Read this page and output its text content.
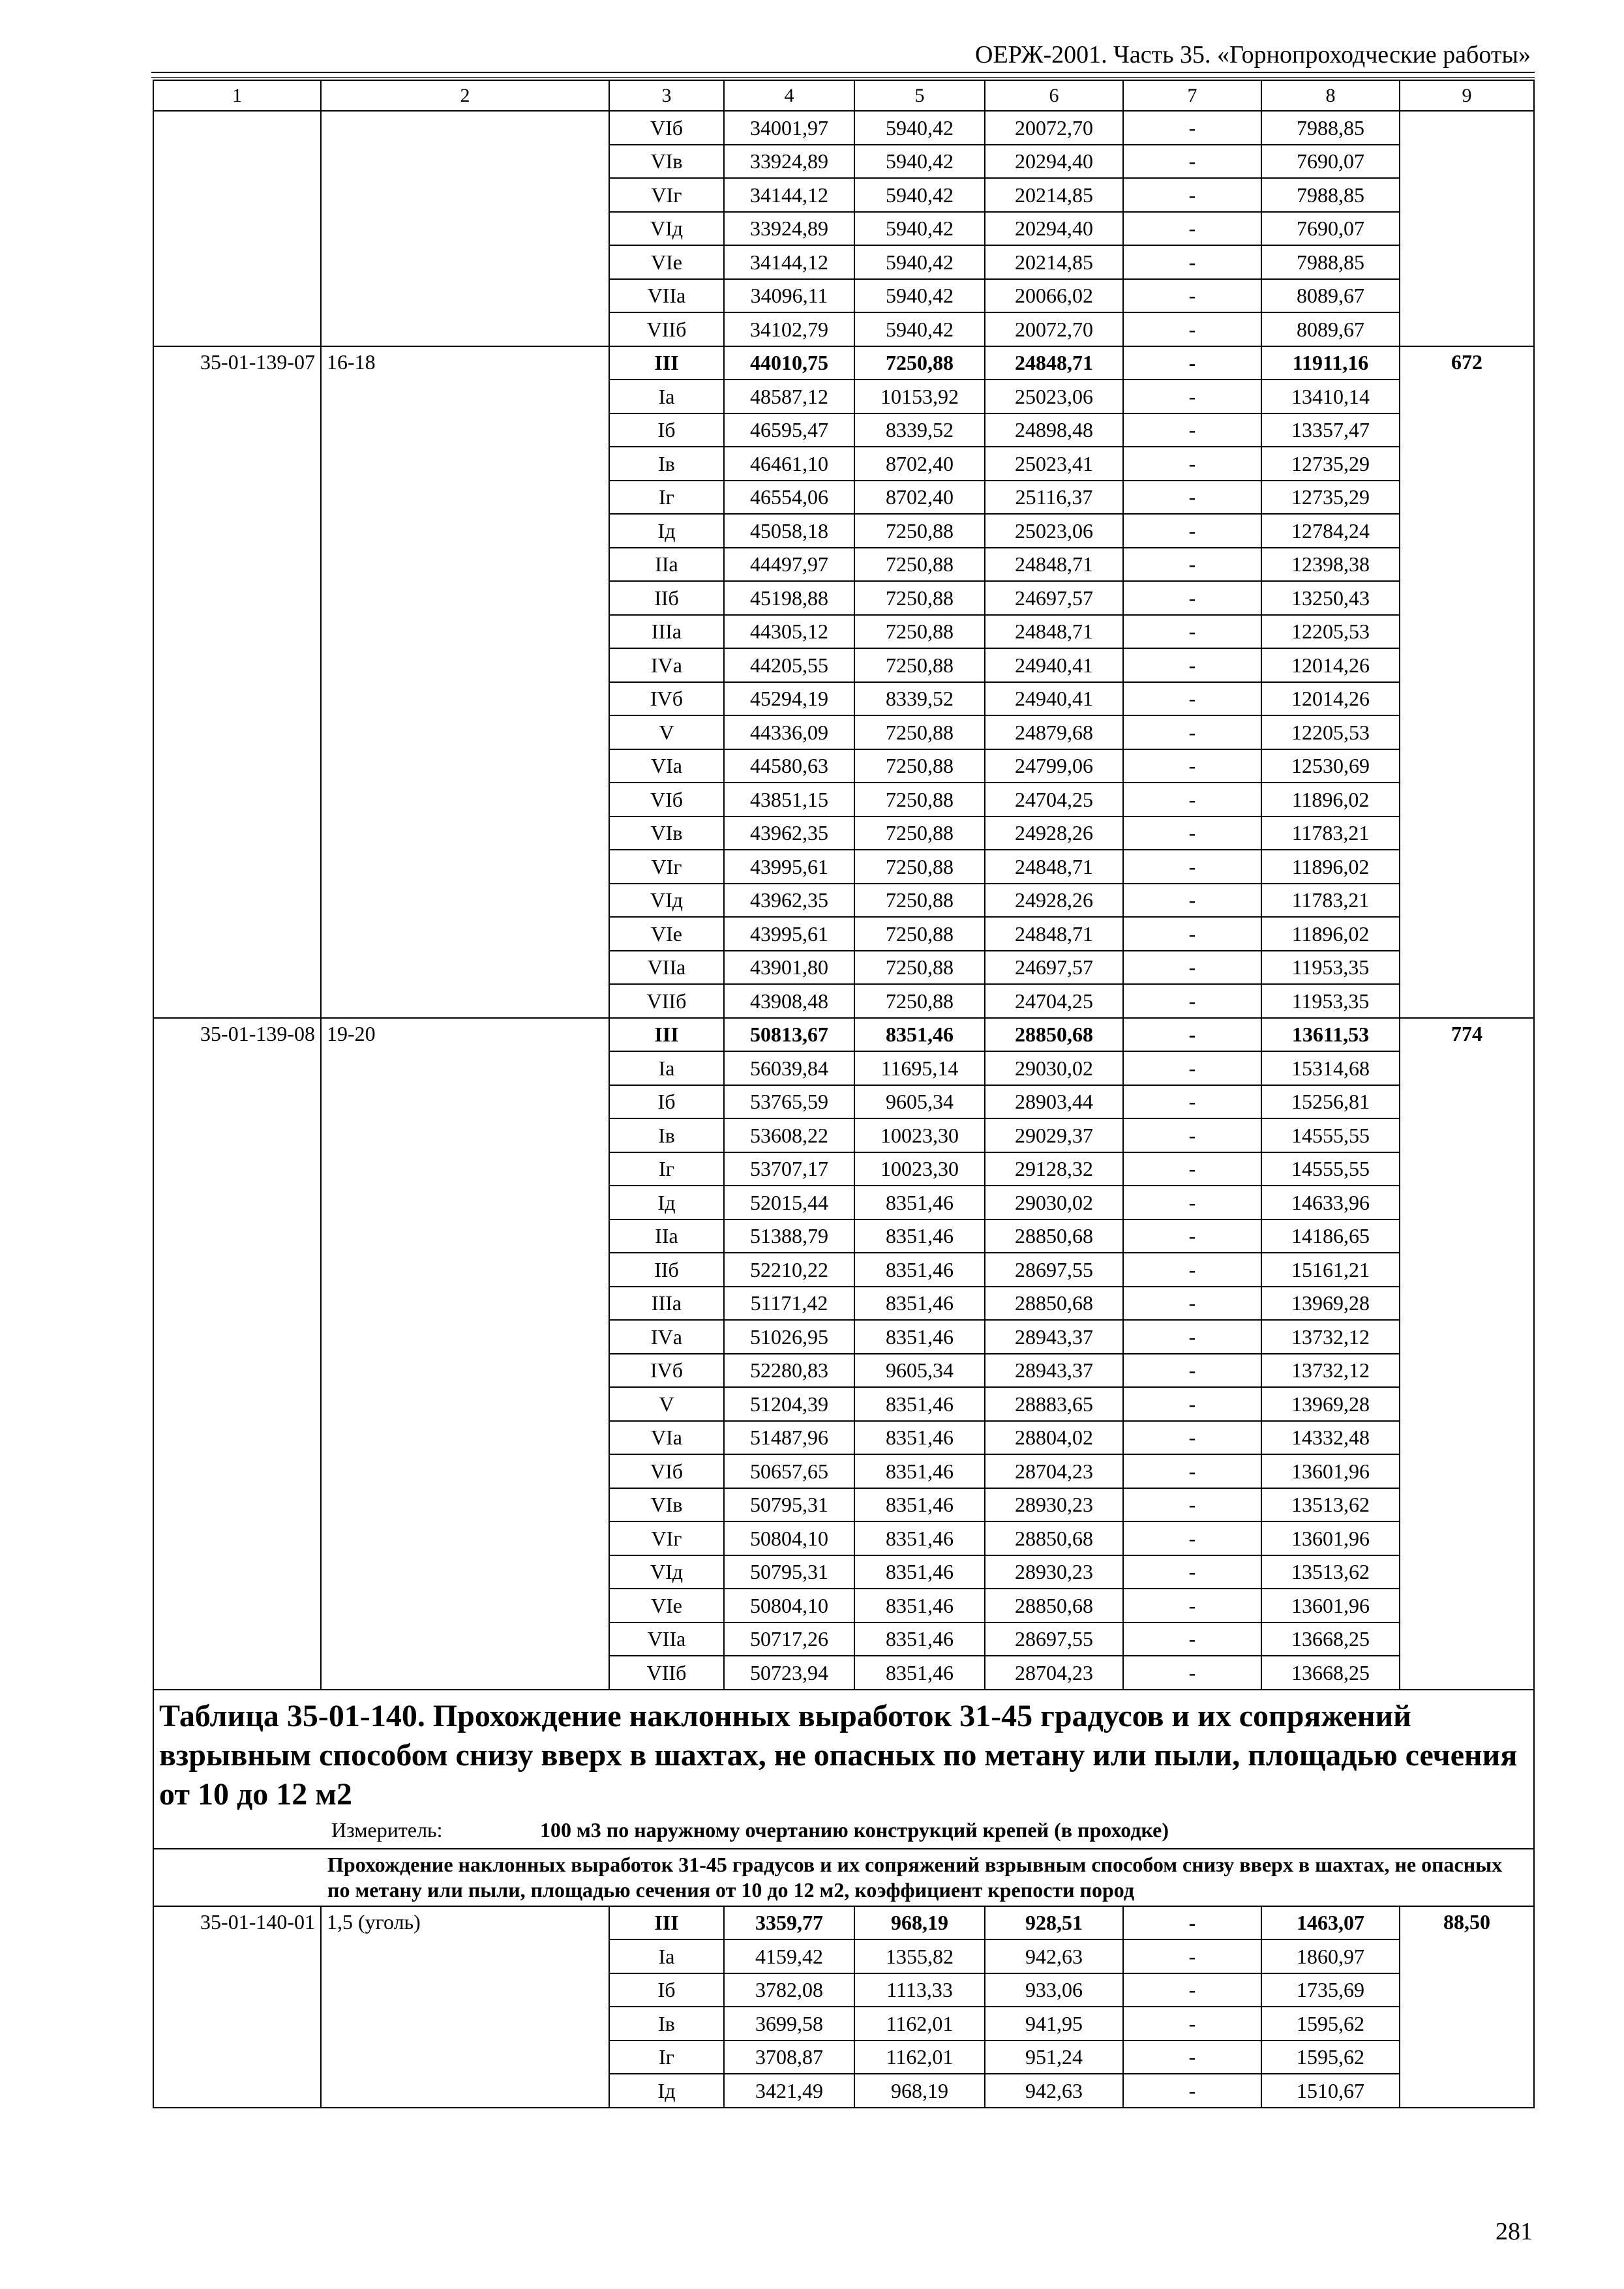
ОЕРЖ-2001. Часть 35. «Горнопроходческие работы»
1	2	3	4	5	6	7	8	9
		VIб	34001,97	5940,42	20072,70	-	7988,85	
		VIв	33924,89	5940,42	20294,40	-	7690,07	
		VIг	34144,12	5940,42	20214,85	-	7988,85	
		VIд	33924,89	5940,42	20294,40	-	7690,07	
		VIе	34144,12	5940,42	20214,85	-	7988,85	
		VIIа	34096,11	5940,42	20066,02	-	8089,67	
		VIIб	34102,79	5940,42	20072,70	-	8089,67	
35-01-139-07	16-18	III	44010,75	7250,88	24848,71	-	11911,16	672
		Iа	48587,12	10153,92	25023,06	-	13410,14	
		Iб	46595,47	8339,52	24898,48	-	13357,47	
		Iв	46461,10	8702,40	25023,41	-	12735,29	
		Iг	46554,06	8702,40	25116,37	-	12735,29	
		Iд	45058,18	7250,88	25023,06	-	12784,24	
		IIа	44497,97	7250,88	24848,71	-	12398,38	
		IIб	45198,88	7250,88	24697,57	-	13250,43	
		IIIа	44305,12	7250,88	24848,71	-	12205,53	
		IVа	44205,55	7250,88	24940,41	-	12014,26	
		IVб	45294,19	8339,52	24940,41	-	12014,26	
		V	44336,09	7250,88	24879,68	-	12205,53	
		VIа	44580,63	7250,88	24799,06	-	12530,69	
		VIб	43851,15	7250,88	24704,25	-	11896,02	
		VIв	43962,35	7250,88	24928,26	-	11783,21	
		VIг	43995,61	7250,88	24848,71	-	11896,02	
		VIд	43962,35	7250,88	24928,26	-	11783,21	
		VIе	43995,61	7250,88	24848,71	-	11896,02	
		VIIа	43901,80	7250,88	24697,57	-	11953,35	
		VIIб	43908,48	7250,88	24704,25	-	11953,35	
35-01-139-08	19-20	III	50813,67	8351,46	28850,68	-	13611,53	774
		Iа	56039,84	11695,14	29030,02	-	15314,68	
		Iб	53765,59	9605,34	28903,44	-	15256,81	
		Iв	53608,22	10023,30	29029,37	-	14555,55	
		Iг	53707,17	10023,30	29128,32	-	14555,55	
		Iд	52015,44	8351,46	29030,02	-	14633,96	
		IIа	51388,79	8351,46	28850,68	-	14186,65	
		IIб	52210,22	8351,46	28697,55	-	15161,21	
		IIIа	51171,42	8351,46	28850,68	-	13969,28	
		IVа	51026,95	8351,46	28943,37	-	13732,12	
		IVб	52280,83	9605,34	28943,37	-	13732,12	
		V	51204,39	8351,46	28883,65	-	13969,28	
		VIа	51487,96	8351,46	28804,02	-	14332,48	
		VIб	50657,65	8351,46	28704,23	-	13601,96	
		VIв	50795,31	8351,46	28930,23	-	13513,62	
		VIг	50804,10	8351,46	28850,68	-	13601,96	
		VIд	50795,31	8351,46	28930,23	-	13513,62	
		VIе	50804,10	8351,46	28850,68	-	13601,96	
		VIIа	50717,26	8351,46	28697,55	-	13668,25	
		VIIб	50723,94	8351,46	28704,23	-	13668,25	

Таблица 35-01-140. Прохождение наклонных выработок 31-45 градусов и их сопряжений взрывным способом снизу вверх в шахтах, не опасных по метану или пыли, площадью сечения от 10 до 12 м2
Измеритель: 100 м3 по наружному очертанию конструкций крепей (в проходке)								

	Прохождение наклонных выработок 31-45 градусов и их сопряжений взрывным способом снизу вверх в шахтах, не опасных по метану или пыли, площадью сечения от 10 до 12 м2, коэффициент крепости пород							
35-01-140-01	1,5 (уголь)	III	3359,77	968,19	928,51	-	1463,07	88,50
		Iа	4159,42	1355,82	942,63	-	1860,97	
		Iб	3782,08	1113,33	933,06	-	1735,69	
		Iв	3699,58	1162,01	941,95	-	1595,62	
		Iг	3708,87	1162,01	951,24	-	1595,62	
		Iд	3421,49	968,19	942,63	-	1510,67	
281
